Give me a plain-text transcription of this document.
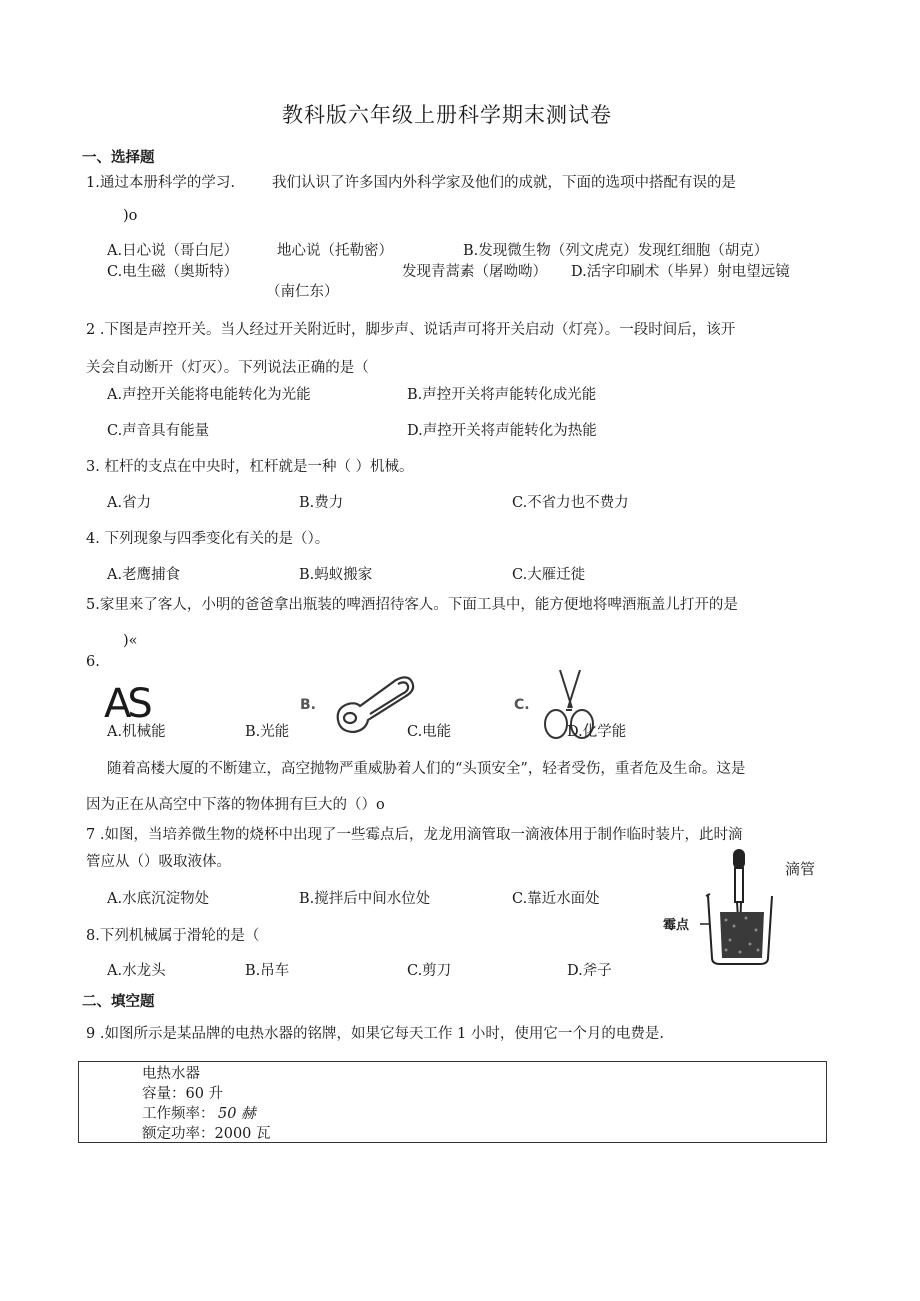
教科版六年级上册科学期末测试卷
一、选择题
1.通过本册科学的学习.	我们认识了许多国内外科学家及他们的成就，下面的选项中搭配有误的是
)o
A.日心说（哥白尼）	地心说（托勒密）	B.发现微生物（列文虎克）发现红细胞（胡克）
C.电生磁（奥斯特）	发现青蒿素（屠呦呦） D.活字印刷术（毕昇）射电望远镜
（南仁东）
2 .下图是声控开关。当人经过开关附近时，脚步声、说话声可将开关启动（灯亮）。一段时间后，该开
关会自动断开（灯灭）。下列说法正确的是（
A.声控开关能将电能转化为光能	B.声控开关将声能转化成光能
C.声音具有能量	D.声控开关将声能转化为热能
3. 杠杆的支点在中央时，杠杆就是一种（ ）机械。
A.省力	B.费力	C.不省力也不费力
4. 下列现象与四季变化有关的是（）。
A.老鹰捕食	B.蚂蚁搬家	C.大雁迁徙
5.家里来了客人，小明的爸爸拿出瓶装的啤酒招待客人。下面工具中，能方便地将啤酒瓶盖儿打开的是
)«
6.
AS	B.	C.
A.机械能	B.光能	C.电能	D.化学能
随着高楼大厦的不断建立，高空抛物严重威胁着人们的“头顶安全”，轻者受伤，重者危及生命。这是
因为正在从高空中下落的物体拥有巨大的（）o
7 .如图，当培养微生物的烧杯中出现了一些霉点后，龙龙用滴管取一滴液体用于制作临时装片，此时滴
管应从（）吸取液体。
A.水底沉淀物处	B.搅拌后中间水位处	C.靠近水面处
滴管
霉点
8.下列机械属于滑轮的是（
A.水龙头	B.吊车	C.剪刀	D.斧子
二、填空题
9 .如图所示是某品牌的电热水器的铭牌，如果它每天工作 1 小时，使用它一个月的电费是.
电热水器
容量：60 升
工作频率： 50 赫
额定功率：2000 瓦
